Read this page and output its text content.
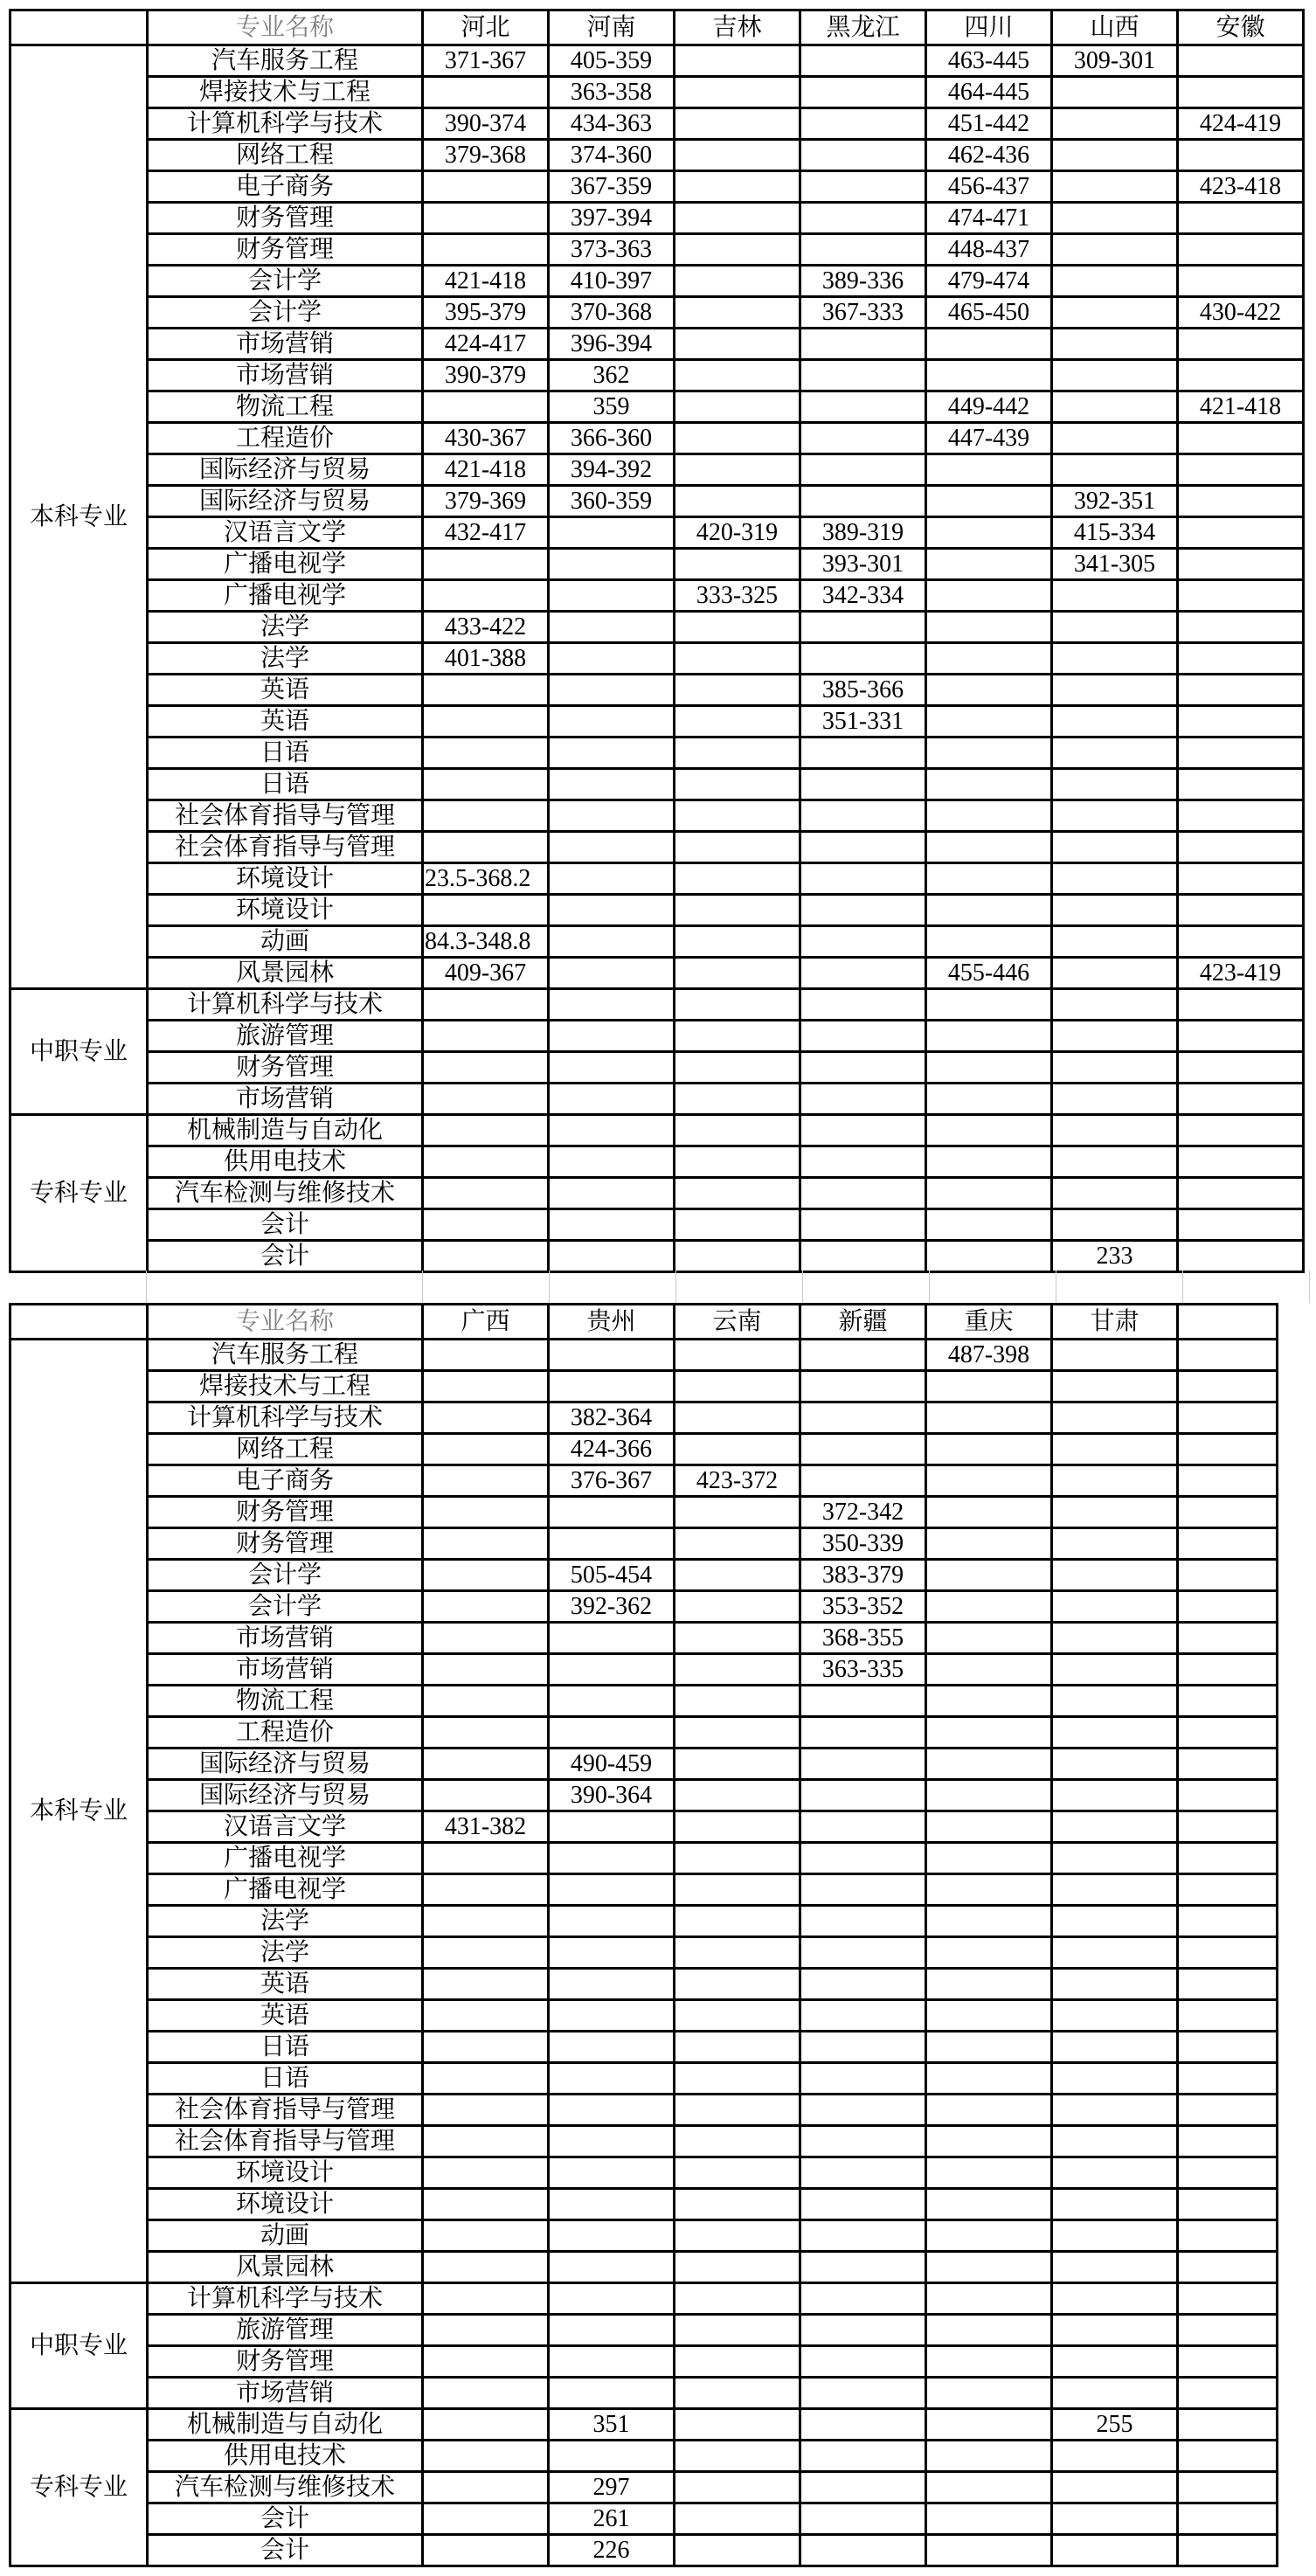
	专业名称	河北	河南	吉林	黑龙江	四川	山西	安徽
本科专业	汽车服务工程	371-367	405-359			463-445	309-301	
	焊接技术与工程		363-358			464-445		
	计算机科学与技术	390-374	434-363			451-442		424-419
	网络工程	379-368	374-360			462-436		
	电子商务		367-359			456-437		423-418
	财务管理		397-394			474-471		
	财务管理		373-363			448-437		
	会计学	421-418	410-397		389-336	479-474		
	会计学	395-379	370-368		367-333	465-450		430-422
	市场营销	424-417	396-394					
	市场营销	390-379	362					
	物流工程		359			449-442		421-418
	工程造价	430-367	366-360			447-439		
	国际经济与贸易	421-418	394-392					
	国际经济与贸易	379-369	360-359				392-351	
	汉语言文学	432-417		420-319	389-319		415-334	
	广播电视学				393-301		341-305	
	广播电视学			333-325	342-334			
	法学	433-422						
	法学	401-388						
	英语				385-366			
	英语				351-331			
	日语							
	日语							
	社会体育指导与管理							
	社会体育指导与管理							
	环境设计	23.5-368.2						
	环境设计							
	动画	84.3-348.8						
	风景园林	409-367				455-446		423-419
中职专业	计算机科学与技术							
	旅游管理							
	财务管理							
	市场营销							
专科专业	机械制造与自动化							
	供用电技术							
	汽车检测与维修技术							
	会计							
	会计						233	
	专业名称	广西	贵州	云南	新疆	重庆	甘肃	
本科专业	汽车服务工程					487-398		
	焊接技术与工程							
	计算机科学与技术		382-364					
	网络工程		424-366					
	电子商务		376-367	423-372				
	财务管理				372-342			
	财务管理				350-339			
	会计学		505-454		383-379			
	会计学		392-362		353-352			
	市场营销				368-355			
	市场营销				363-335			
	物流工程							
	工程造价							
	国际经济与贸易		490-459					
	国际经济与贸易		390-364					
	汉语言文学	431-382						
	广播电视学							
	广播电视学							
	法学							
	法学							
	英语							
	英语							
	日语							
	日语							
	社会体育指导与管理							
	社会体育指导与管理							
	环境设计							
	环境设计							
	动画							
	风景园林							
中职专业	计算机科学与技术							
	旅游管理							
	财务管理							
	市场营销							
专科专业	机械制造与自动化		351				255	
	供用电技术							
	汽车检测与维修技术		297					
	会计		261					
	会计		226					
